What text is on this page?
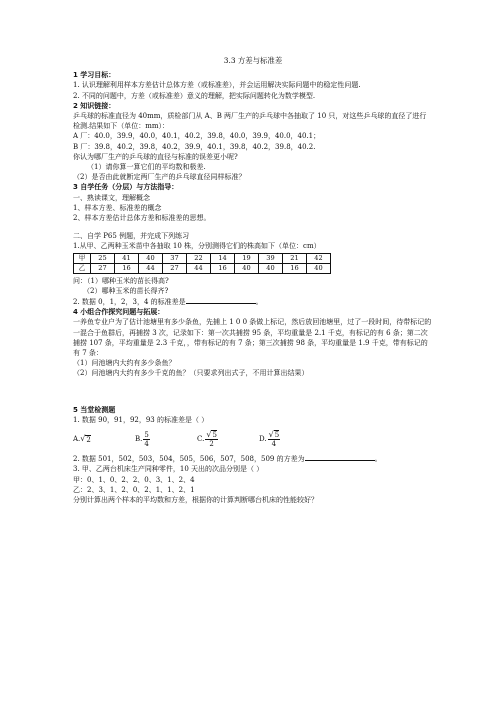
3.3 方差与标准差
1 学习目标：
1. 认识理解利用样本方差估计总体方差（或标准差），并会运用解决实际问题中的稳定性问题.
2. 不同的问题中，方差（或标准差）意义的理解，把实际问题转化为数学模型.
2 知识链接：
乒乓球的标准直径为 40mm，质检部门从 A、B 两厂生产的乒乓球中各抽取了 10 只，对这些乒乓球的直径了进行检测.结果如下（单位：mm）：
A 厂：40.0，39.9，40.0，40.1，40.2，39.8，40.0，39.9，40.0，40.1；
B 厂：39.8，40.2，39.8，40.2，39.9，40.1，39.8，40.2，39.8，40.2.
你认为哪厂生产的乒乓球的直径与标准的误差更小呢?
（1）请你算一算它们的平均数和极差.
（2）是否由此就断定两厂生产的乒乓球直径同样标准？
3 自学任务（分层）与方法指导：
一、熟读课文，理解概念
1、样本方差、标准差的概念
2、样本方差估计总体方差和标准差的思想。
二、自学 P65 例题，并完成下列练习
1.从甲、乙两种玉米苗中各抽取 10 株，分别测得它们的株高如下（单位：cm）
甲	25	41	40	37	22	14	19	39	21	42
乙	27	16	44	27	44	16	40	40	16	40
问：（1）哪种玉米的苗长得高?
（2）哪种玉米的苗长得齐?
2. 数据 0，1，2，3，4 的标准差是	。
4 小组合作探究问题与拓展：
一养鱼专业户为了估计池塘里有多少条鱼，先捕上 1 0 0 条做上标记，然后放回池塘里，过了一段时间，待带标记的一混合于鱼群后，再捕捞 3 次，记录如下：第一次共捕捞 95 条，平均重量是 2.1 千克，有标记的有 6 条；第二次捕捞 107 条，平均重量是 2.3 千克，，带有标记的有 7 条；第三次捕捞 98 条，平均重量是 1.9 千克，带有标记的有 7 条：
（1）问池塘内大约有多少条鱼？
（2）问池塘内大约有多少千克的鱼？（只要求列出式子，不用计算出结果）
5 当堂检测题
1. 数据 90，91，92，93 的标准差是（ ）
A. √ 2	B. $\frac{5}{4}$	C. $\frac{√5}{2}$	D. $\frac{√5}{4}$
2. 数据 501，502，503，504，505，506，507，508，509 的方差为	。
3. 甲、乙两台机床生产同种零件，10 天出的次品分别是（ ）
甲：0、1、0、2、2、0、3、1、2、4
乙：2、3、1、2、0、2、1、1、2、1
分别计算出两个样本的平均数和方差，根据你的计算判断哪台机床的性能较好？
